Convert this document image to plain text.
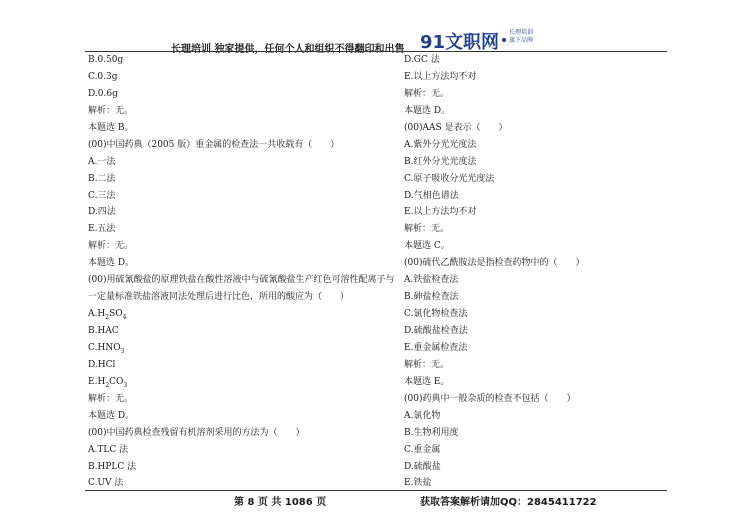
长理培训 独家提供，任何个人和组织不得翻印和出售 91文职网 长理培训
旗下品牌
B.0.50g
C.0.3g
D.0.6g
解析：无。
本题选 B。
(00)中国药典（2005 版）重金属的检查法一共收载有（　　）
A.一法
B.二法
C.三法
D.四法
E.五法
解析：无。
本题选 D。
(00)用硫氰酸盐的原理铁盐在酸性溶液中与硫氰酸盐生产红色可溶性配离子与
一定量标准铁盐溶液同法处理后进行比色，所用的酸应为（　　）
$A.H_2SO_4$
B.HAC
$C.HNO_3$
D.HCl
$E.H_2CO_3$
解析：无。
本题选 D。
(00)中国药典检查残留有机溶剂采用的方法为（　　）
A.TLC 法
B.HPLC 法
C.UV 法
D.GC 法
E.以上方法均不对
解析：无。
本题选 D。
(00)AAS 是表示（　　）
A.紫外分光光度法
B.红外分光光度法
C.原子吸收分光光度法
D.气相色谱法
E.以上方法均不对
解析：无。
本题选 C。
(00)硫代乙酰胺法是指检查药物中的（　　）
A.铁盐检查法
B.砷盐检查法
C.氯化物检查法
D.硫酸盐检查法
E.重金属检查法
解析：无。
本题选 E。
(00)药典中一般杂质的检查不包括（　　）
A.氯化物
B.生物利用度
C.重金属
D.硫酸盐
E.铁盐
第 8 页 共 1086 页	获取答案解析请加QQ：2845411722
